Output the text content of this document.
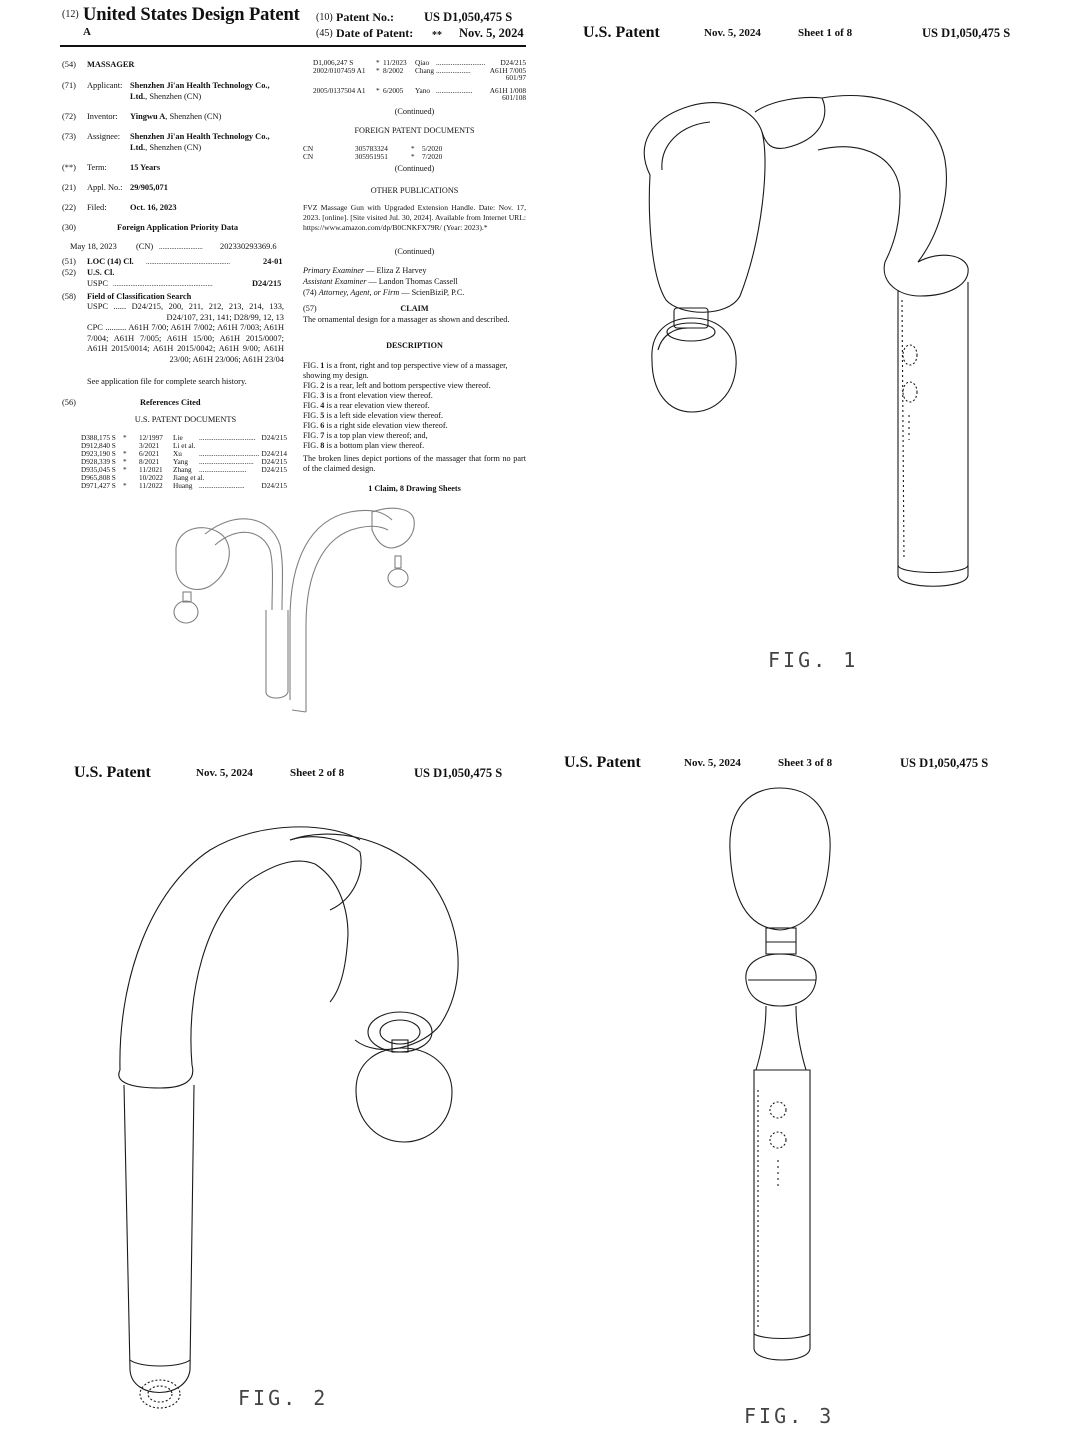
(12) United States Design Patent
A
(10) Patent No.: US D1,050,475 S
(45) Date of Patent: ** Nov. 5, 2024
(54) MASSAGER
(71) Applicant: Shenzhen Ji'an Health Technology Co., Ltd., Shenzhen (CN)
(72) Inventor: Yingwu A, Shenzhen (CN)
(73) Assignee: Shenzhen Ji'an Health Technology Co., Ltd., Shenzhen (CN)
(**) Term:	15 Years
(21) Appl. No.: 29/905,071
(22) Filed:	Oct. 16, 2023
(30)	Foreign Application Priority Data
May 18, 2023 (CN) ......................... 202330293369.6
(51) LOC (14) Cl. ................................................	24-01
(52) U.S. Cl.
USPC .........................................................	D24/215
(58) Field of Classification Search
USPC ...... D24/215, 200, 211, 212, 213, 214, 133, D24/107, 231, 141; D28/99, 12, 13
CPC .......... A61H 7/00; A61H 7/002; A61H 7/003; A61H 7/004; A61H 7/005; A61H 15/00; A61H 2015/0007; A61H 2015/0014; A61H 2015/0042; A61H 9/00; A61H 23/00; A61H 23/006; A61H 23/04
See application file for complete search history.
(56)	References Cited
U.S. PATENT DOCUMENTS
D388,175 S * 12/1997 Lie ............................... D24/215
D912,840 S	3/2021 Li et al.
D923,190 S * 6/2021 Xu ................................. D24/214
D928,339 S * 8/2021 Yang .............................. D24/215
D935,045 S * 11/2021 Zhang .......................... D24/215
D965,808 S	10/2022 Jiang et al.
D971,427 S * 11/2022 Huang ......................... D24/215
D1,006,247 S	* 11/2023 Qiao ........................... D24/215
2002/0107459 A1 * 8/2002 Chang ...................	A61H 7/005
601/97
2005/0137504 A1 * 6/2005 Yano .................... A61H 1/008
601/108
(Continued)
FOREIGN PATENT DOCUMENTS
CN	305783324	* 5/2020
CN	305951951	* 7/2020
(Continued)
OTHER PUBLICATIONS
FVZ Massage Gun with Upgraded Extension Handle. Date: Nov. 17, 2023. [online]. [Site visited Jul. 30, 2024]. Available from Internet URL: https://www.amazon.com/dp/B0CNKFX79R/ (Year: 2023).*
(Continued)
Primary Examiner — Eliza Z Harvey
Assistant Examiner — Landon Thomas Cassell
(74) Attorney, Agent, or Firm — ScienBiziP, P.C.
(57)	CLAIM
The ornamental design for a massager as shown and described.
DESCRIPTION
FIG. 1 is a front, right and top perspective view of a massager, showing my design.
FIG. 2 is a rear, left and bottom perspective view thereof.
FIG. 3 is a front elevation view thereof.
FIG. 4 is a rear elevation view thereof.
FIG. 5 is a left side elevation view thereof.
FIG. 6 is a right side elevation view thereof.
FIG. 7 is a top plan view thereof; and,
FIG. 8 is a bottom plan view thereof.
The broken lines depict portions of the massager that form no part of the claimed design.
1 Claim, 8 Drawing Sheets
U.S. Patent	Nov. 5, 2024	Sheet 1 of 8	US D1,050,475 S
FIG. 1
U.S. Patent	Nov. 5, 2024	Sheet 2 of 8	US D1,050,475 S
FIG. 2
U.S. Patent	Nov. 5, 2024	Sheet 3 of 8	US D1,050,475 S
FIG. 3
